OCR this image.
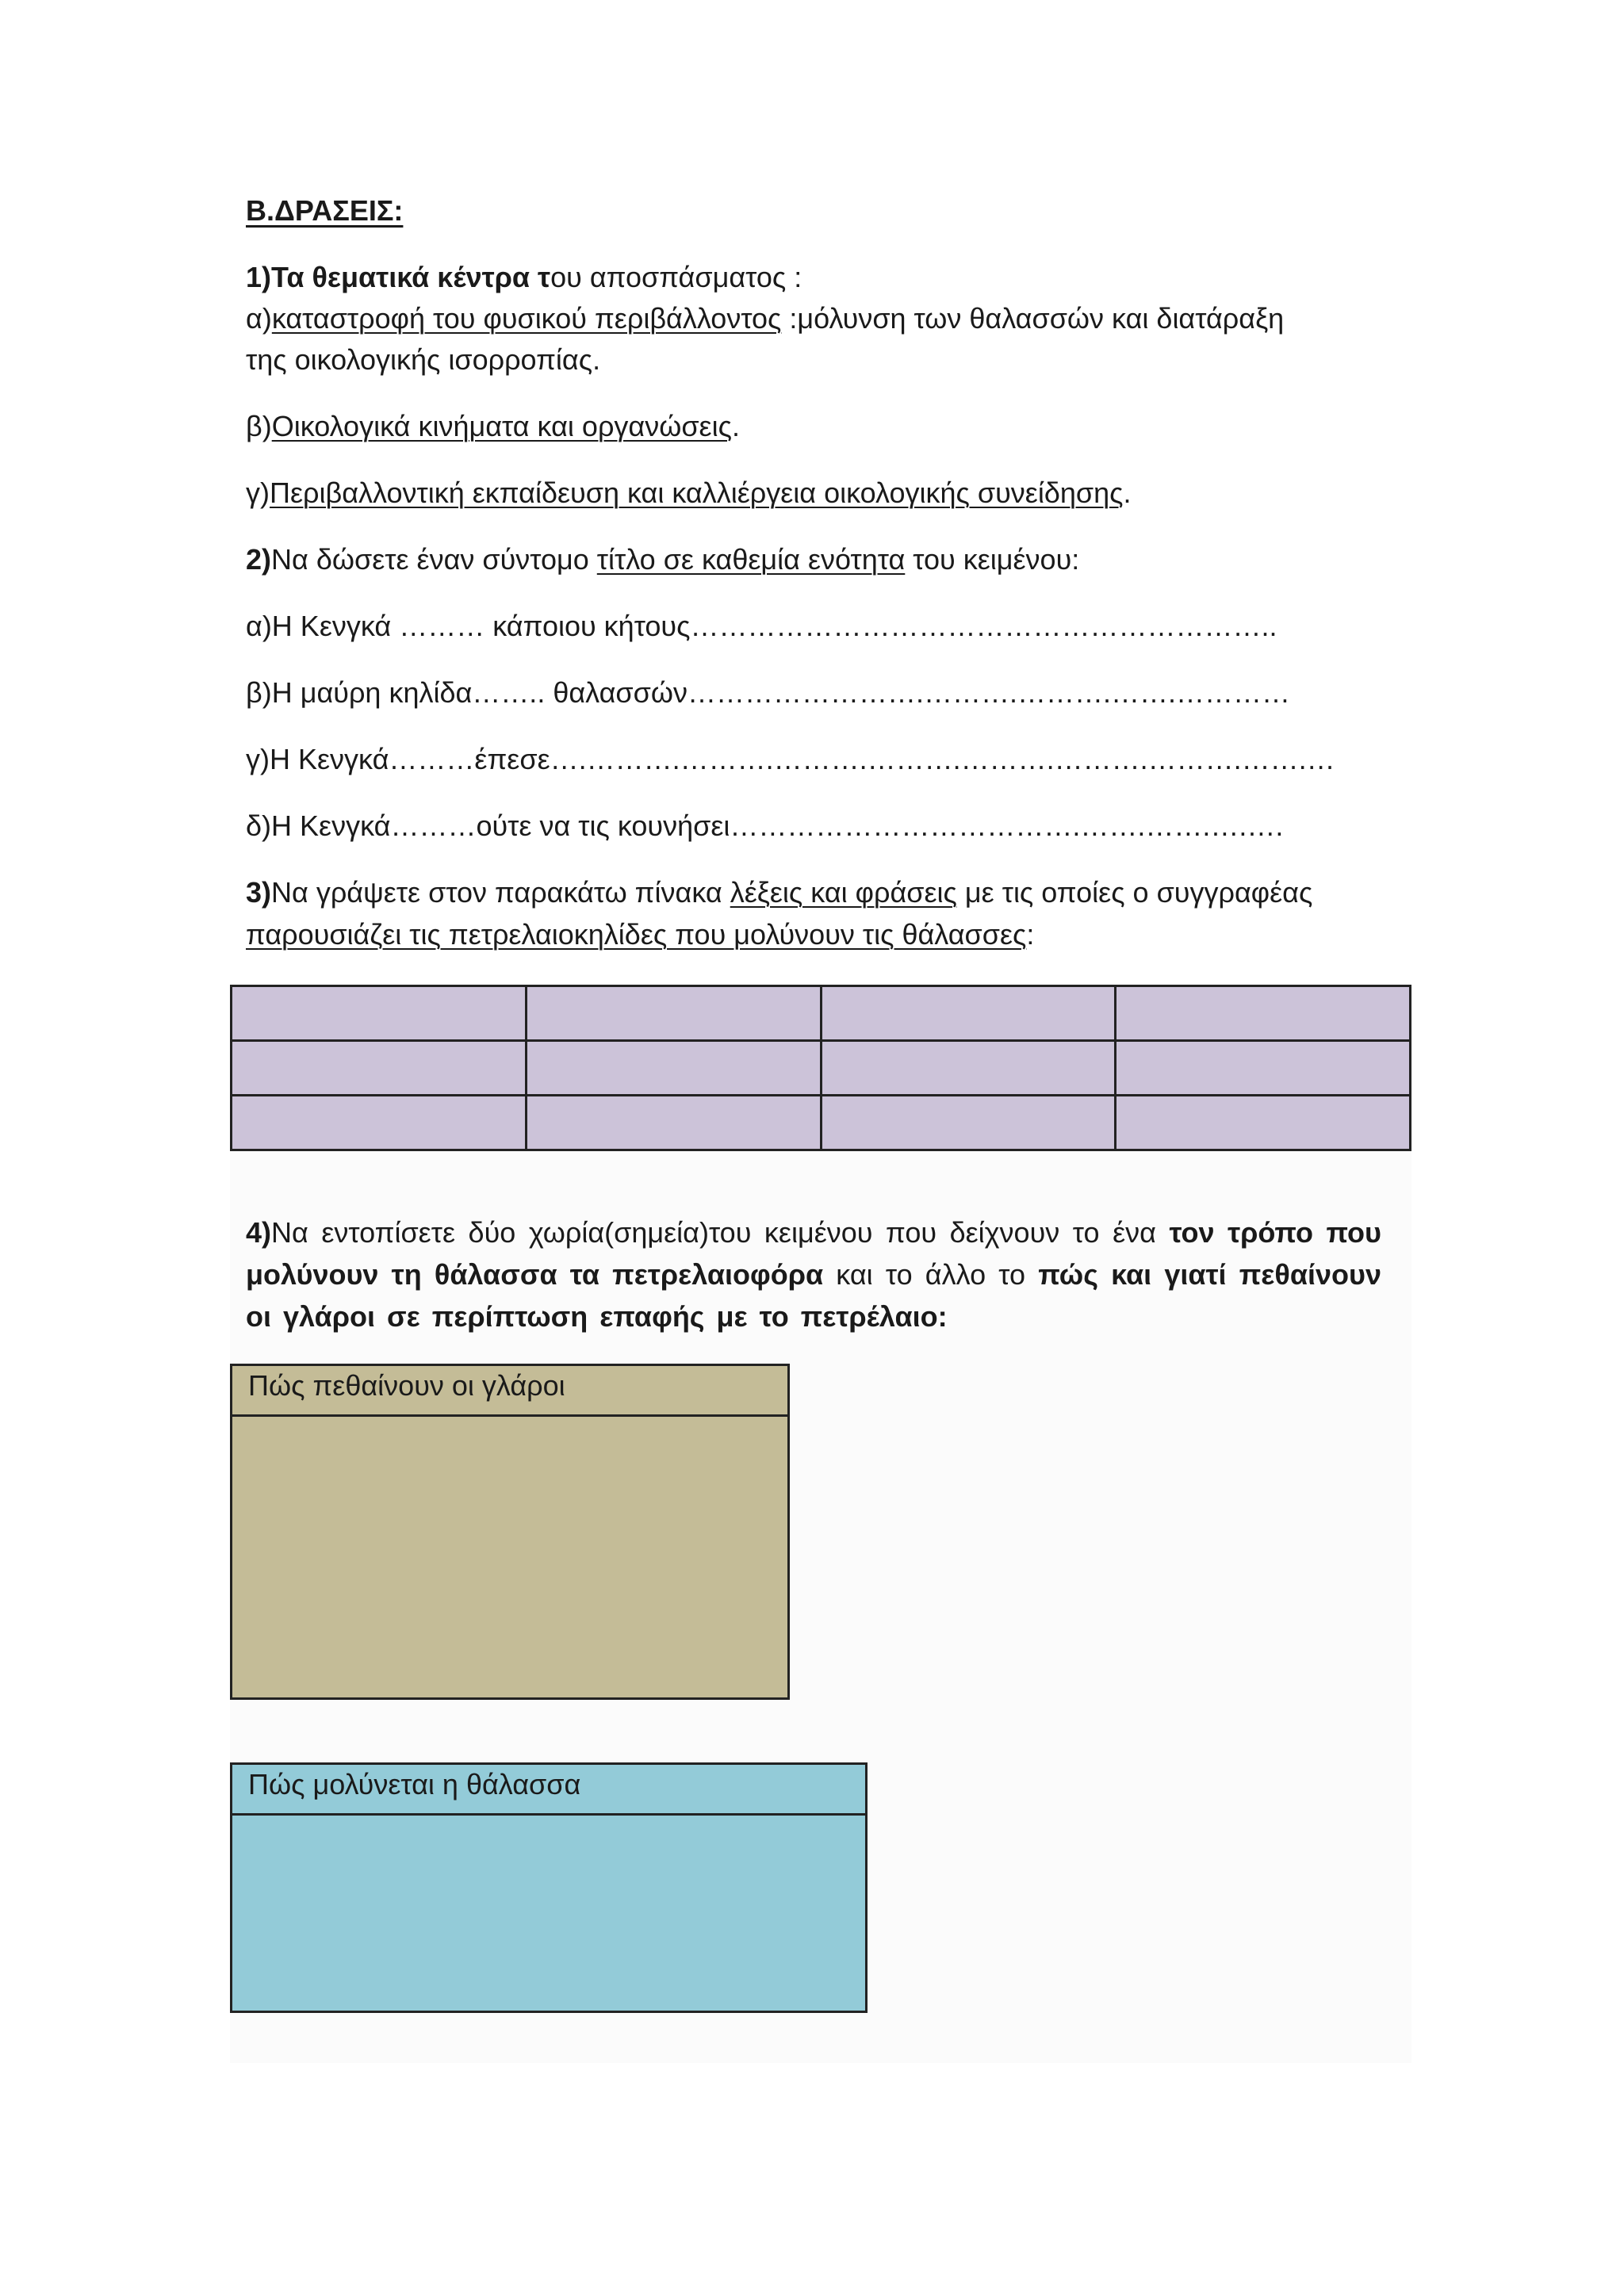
Β.ΔΡΑΣΕΙΣ:
1)Τα θεματικά κέντρα του αποσπάσματος :
α)καταστροφή του φυσικού περιβάλλοντος :μόλυνση των θαλασσών και διατάραξη
της οικολογικής ισορροπίας.
β)Οικολογικά κινήματα και οργανώσεις.
γ)Περιβαλλοντική εκπαίδευση και καλλιέργεια οικολογικής συνείδησης.
2)Να δώσετε έναν σύντομο τίτλο σε καθεμία ενότητα του κειμένου:
α)Η Κενγκά ……… κάποιου κήτους……………………………………………………..
β)Η μαύρη κηλίδα…….. θαλασσών…………………….……….……….…….…………
γ)Η Κενγκά………έπεσε….……….……….……….……….……….……….……….…….…
δ)Η Κενγκά………ούτε να τις κουνήσει……………………………….…….…….….….
3)Να γράψετε στον παρακάτω πίνακα λέξεις και φράσεις με τις οποίες ο συγγραφέας
παρουσιάζει τις πετρελαιοκηλίδες που μολύνουν τις θάλασσες:

4)Να εντοπίσετε δύο χωρία(σημεία)του κειμένου που δείχνουν το ένα τον τρόπο που μολύνουν τη θάλασσα τα πετρελαιοφόρα και το άλλο το πώς και γιατί πεθαίνουν οι γλάροι σε περίπτωση επαφής με το πετρέλαιο:
Πώς πεθαίνουν οι γλάροι
Πώς μολύνεται η θάλασσα
